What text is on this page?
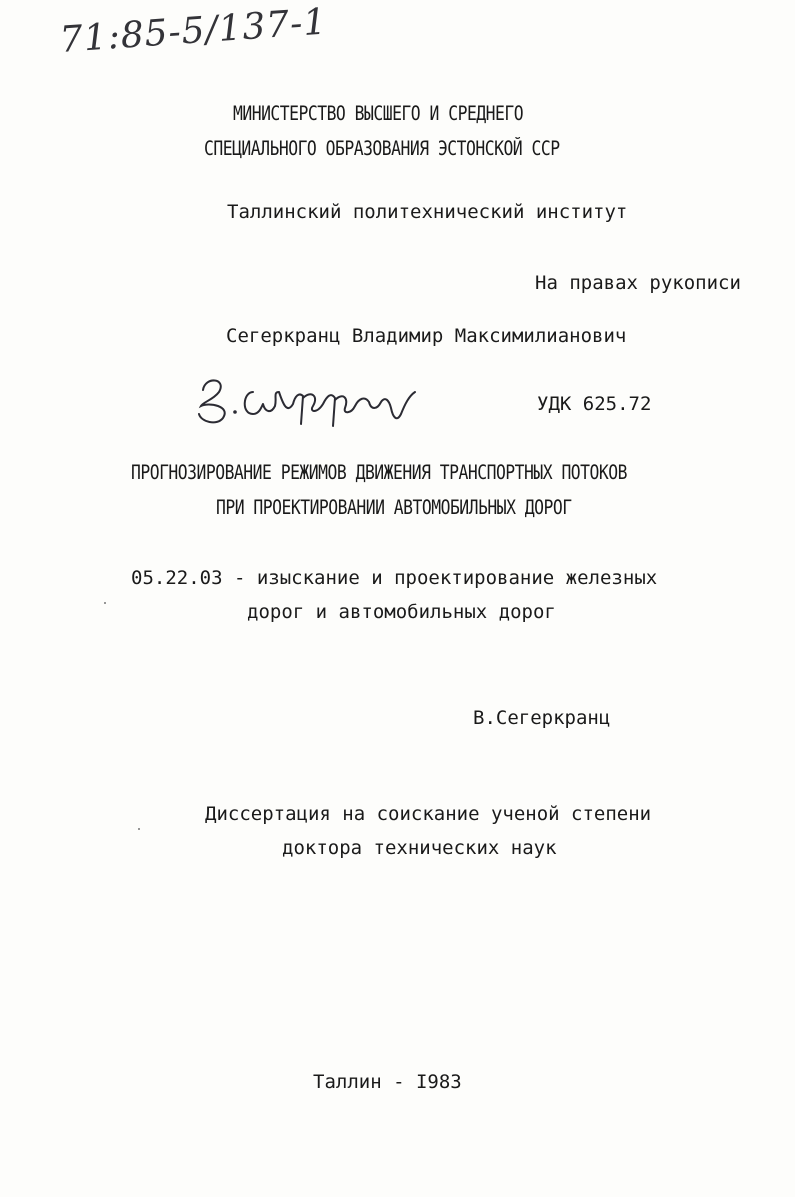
71:85-5/137-1
МИНИСТЕРСТВО ВЫСШЕГО И СРЕДНЕГО
СПЕЦИАЛЬНОГО ОБРАЗОВАНИЯ ЭСТОНСКОЙ ССР
Таллинский политехнический институт
На правах рукописи
Сегеркранц Владимир Максимилианович
УДК 625.72
ПРОГНОЗИРОВАНИЕ РЕЖИМОВ ДВИЖЕНИЯ ТРАНСПОРТНЫХ ПОТОКОВ
ПРИ ПРОЕКТИРОВАНИИ АВТОМОБИЛЬНЫХ ДОРОГ
05.22.03 - изыскание и проектирование железных
дорог и автомобильных дорог
В.Сегеркранц
Диссертация на соискание ученой степени
доктора технических наук
Таллин - I983
